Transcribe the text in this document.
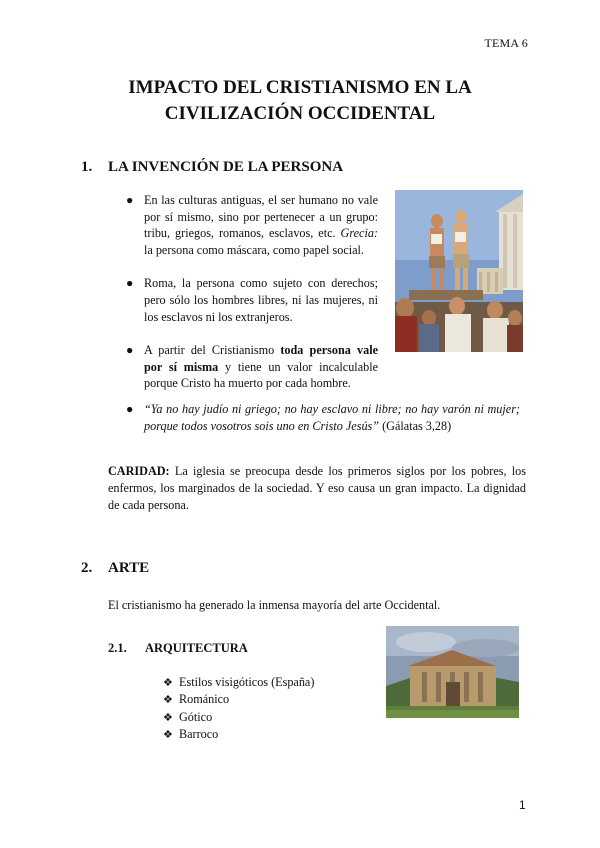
TEMA 6
IMPACTO DEL CRISTIANISMO EN LA
CIVILIZACIÓN OCCIDENTAL
1. LA INVENCIÓN DE LA PERSONA
● En las culturas antiguas, el ser humano no vale por sí mismo, sino por pertenecer a un grupo: tribu, griegos, romanos, esclavos, etc. Grecia: la persona como máscara, como papel social.
● Roma, la persona como sujeto con derechos; pero sólo los hombres libres, ni las mujeres, ni los esclavos ni los extranjeros.
● A partir del Cristianismo toda persona vale por sí misma y tiene un valor incalculable porque Cristo ha muerto por cada hombre.
● “Ya no hay judío ni griego; no hay esclavo ni libre; no hay varón ni mujer; porque todos vosotros sois uno en Cristo Jesús” (Gálatas 3,28)
CARIDAD: La iglesia se preocupa desde los primeros siglos por los pobres, los enfermos, los marginados de la sociedad. Y eso causa un gran impacto. La dignidad de cada persona.
2. ARTE
El cristianismo ha generado la inmensa mayoría del arte Occidental.
2.1. ARQUITECTURA
❖ Estilos visigóticos (España)
❖ Románico
❖ Gótico
❖ Barroco
1
